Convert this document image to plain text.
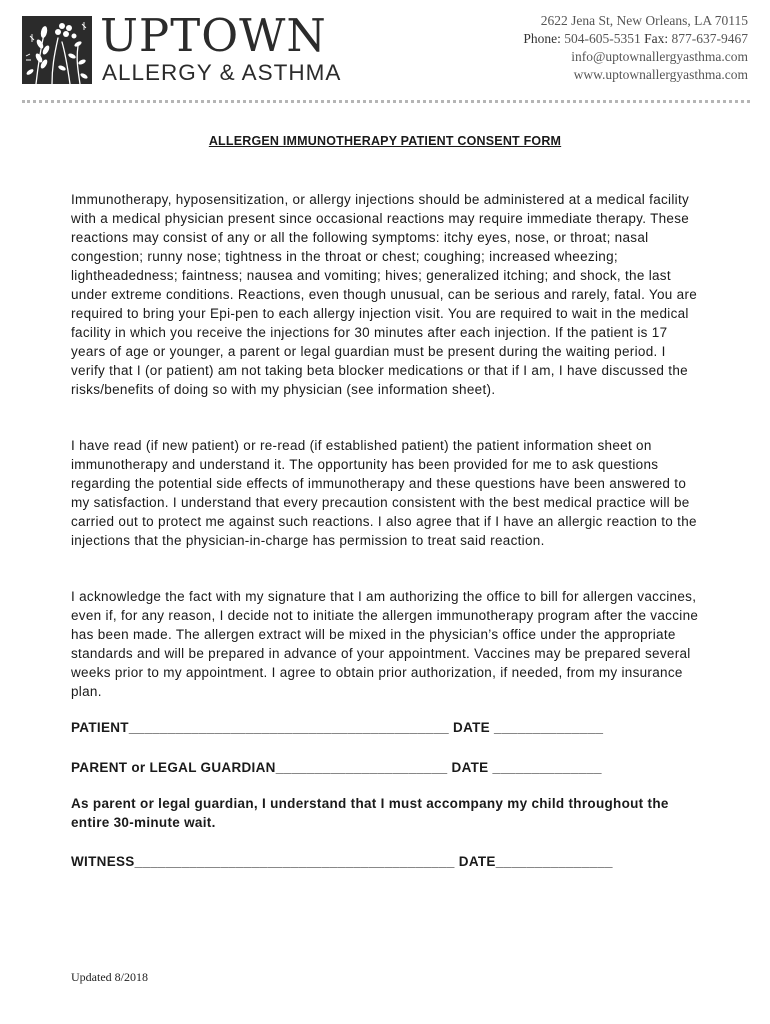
UPTOWN
ALLERGY & ASTHMA
2622 Jena St, New Orleans, LA 70115
Phone: 504-605-5351 Fax: 877-637-9467
info@uptownallergyasthma.com
www.uptownallergyasthma.com
ALLERGEN IMMUNOTHERAPY PATIENT CONSENT FORM

Immunotherapy, hyposensitization, or allergy injections should be administered at a medical facility with a medical physician present since occasional reactions may require immediate therapy. These reactions may consist of any or all the following symptoms: itchy eyes, nose, or throat; nasal congestion; runny nose; tightness in the throat or chest; coughing; increased wheezing; lightheadedness; faintness; nausea and vomiting; hives; generalized itching; and shock, the last under extreme conditions. Reactions, even though unusual, can be serious and rarely, fatal. You are required to bring your Epi-pen to each allergy injection visit. You are required to wait in the medical facility in which you receive the injections for 30 minutes after each injection. If the patient is 17 years of age or younger, a parent or legal guardian must be present during the waiting period. I verify that I (or patient) am not taking beta blocker medications or that if I am, I have discussed the risks/benefits of doing so with my physician (see information sheet).

I have read (if new patient) or re-read (if established patient) the patient information sheet on immunotherapy and understand it. The opportunity has been provided for me to ask questions regarding the potential side effects of immunotherapy and these questions have been answered to my satisfaction. I understand that every precaution consistent with the best medical practice will be carried out to protect me against such reactions. I also agree that if I have an allergic reaction to the injections that the physician-in-charge has permission to treat said reaction.

I acknowledge the fact with my signature that I am authorizing the office to bill for allergen vaccines, even if, for any reason, I decide not to initiate the allergen immunotherapy program after the vaccine has been made. The allergen extract will be mixed in the physician’s office under the appropriate standards and will be prepared in advance of your appointment. Vaccines may be prepared several weeks prior to my appointment. I agree to obtain prior authorization, if needed, from my insurance plan.

PATIENT_________________________________________ DATE ______________
PARENT or LEGAL GUARDIAN______________________ DATE ______________
As parent or legal guardian, I understand that I must accompany my child throughout the entire 30-minute wait.
WITNESS_________________________________________ DATE_______________
Updated 8/2018
